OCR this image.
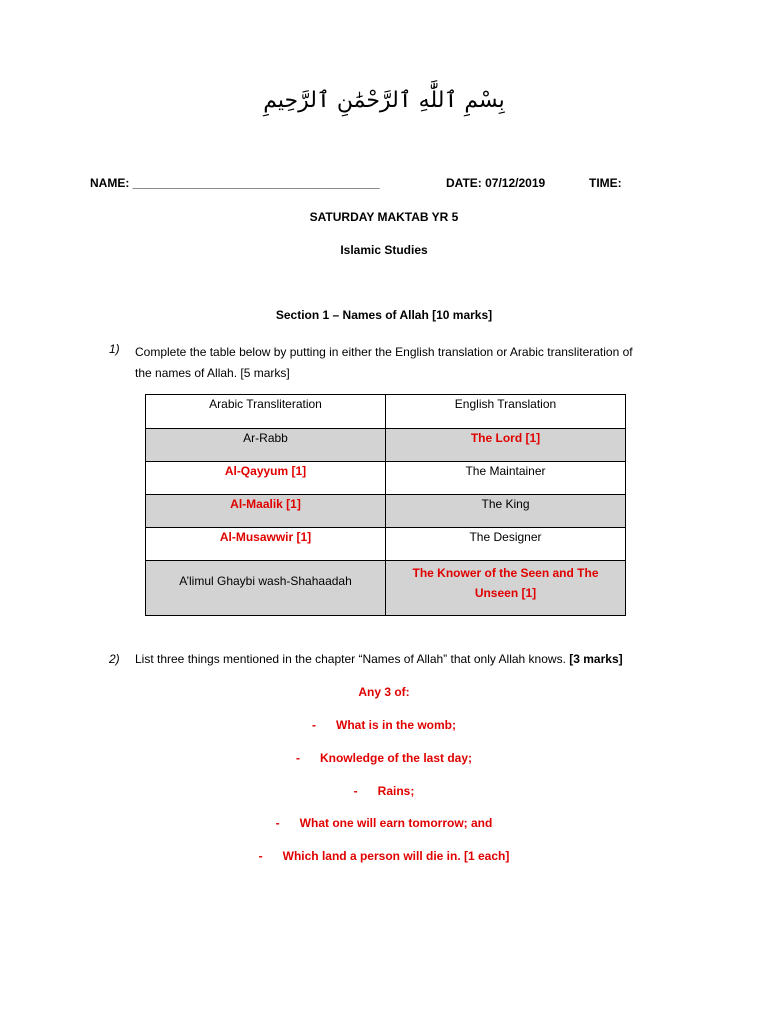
بِسْمِ ٱللَّٰهِ ٱلرَّحْمَٰنِ ٱلرَّحِيمِ
NAME: _____________________________________	DATE: 07/12/2019	TIME:
SATURDAY MAKTAB YR 5
Islamic Studies
Section 1 – Names of Allah [10 marks]
1) Complete the table below by putting in either the English translation or Arabic transliteration of
the names of Allah. [5 marks]
Arabic Transliteration	English Translation
Ar-Rabb	The Lord [1]
Al-Qayyum [1]	The Maintainer
Al-Maalik [1]	The King
Al-Musawwir [1]	The Designer
A’limul Ghaybi wash-Shahaadah	The Knower of the Seen and The
Unseen [1]
2) List three things mentioned in the chapter “Names of Allah” that only Allah knows. [3 marks]
Any 3 of:
- What is in the womb;
- Knowledge of the last day;
- Rains;
- What one will earn tomorrow; and
- Which land a person will die in. [1 each]
